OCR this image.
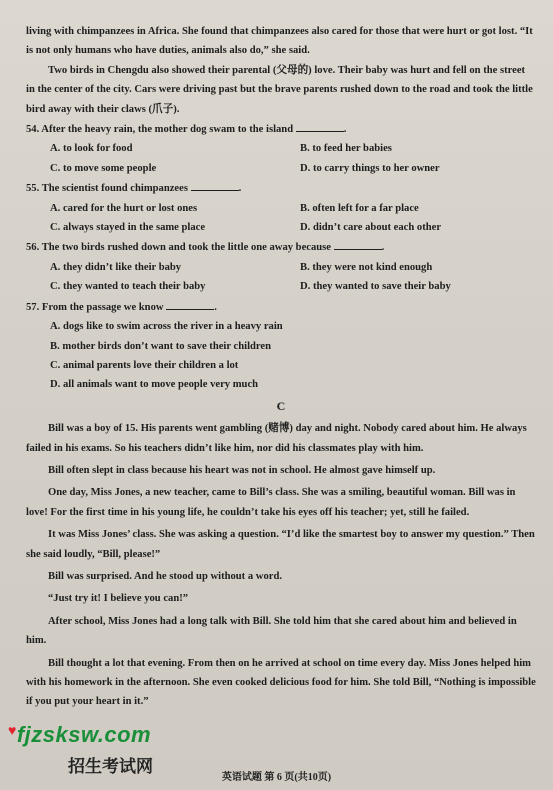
living with chimpanzees in Africa. She found that chimpanzees also cared for those that were hurt or got lost. “It is not only humans who have duties, animals also do,” she said.

Two birds in Chengdu also showed their parental (父母的) love. Their baby was hurt and fell on the street in the center of the city. Cars were driving past but the brave parents rushed down to the road and took the little bird away with their claws (爪子).

54. After the heavy rain, the mother dog swam to the island	.

A. to look for food	B. to feed her babies
C. to move some people	D. to carry things to her owner

55. The scientist found chimpanzees	.

A. cared for the hurt or lost ones	B. often left for a far place
C. always stayed in the same place	D. didn’t care about each other

56. The two birds rushed down and took the little one away because	.

A. they didn’t like their baby	B. they were not kind enough
C. they wanted to teach their baby	D. they wanted to save their baby

57. From the passage we know	.

A. dogs like to swim across the river in a heavy rain
B. mother birds don’t want to save their children
C. animal parents love their children a lot
D. all animals want to move people very much
C

Bill was a boy of 15. His parents went gambling (赌博) day and night. Nobody cared about him. He always failed in his exams. So his teachers didn’t like him, nor did his classmates play with him.

Bill often slept in class because his heart was not in school. He almost gave himself up.

One day, Miss Jones, a new teacher, came to Bill’s class. She was a smiling, beautiful woman. Bill was in love! For the first time in his young life, he couldn’t take his eyes off his teacher; yet, still he failed.

It was Miss Jones’ class. She was asking a question. “I’d like the smartest boy to answer my question.” Then she said loudly, “Bill, please!”

Bill was surprised. And he stood up without a word.

“Just try it! I believe you can!”

After school, Miss Jones had a long talk with Bill. She told him that she cared about him and believed in him.

Bill thought a lot that evening. From then on he arrived at school on time every day. Miss Jones helped him with his homework in the afternoon. She even cooked delicious food for him. She told Bill, “Nothing is impossible if you put your heart in it.”

英语试题 第 6 页(共10页)
♥fjzsksw.com
招生考试网
